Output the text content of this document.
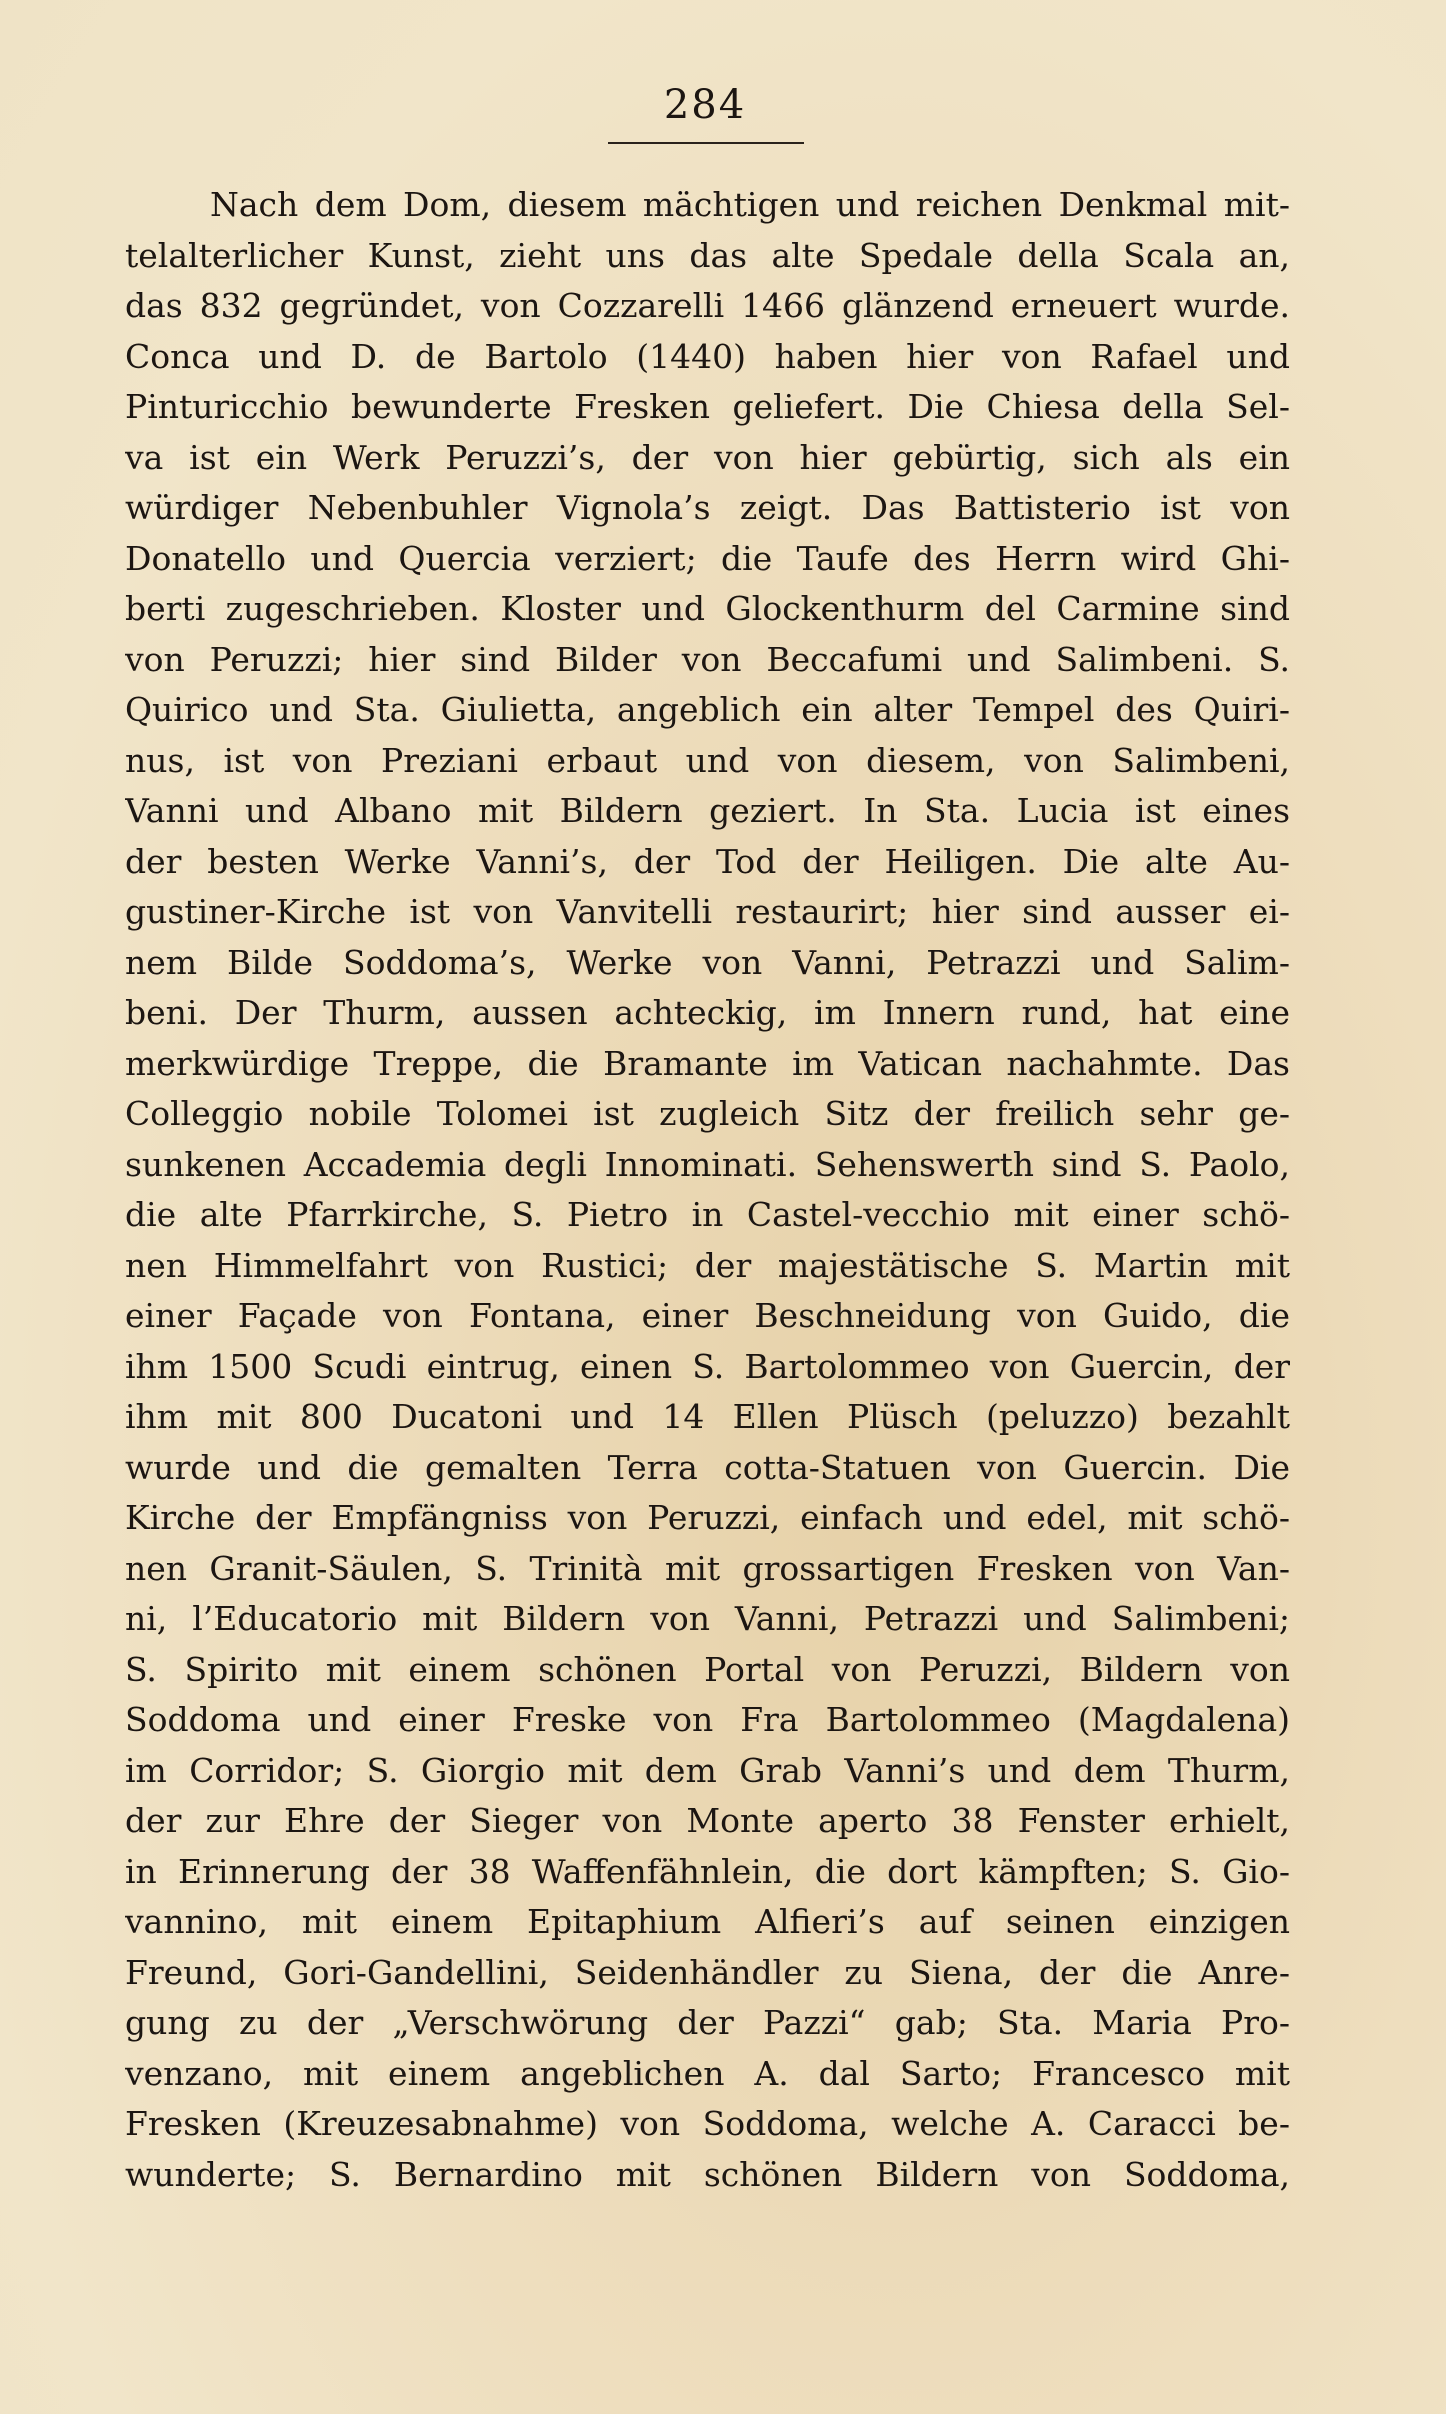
284
Nach dem Dom, diesem mächtigen und reichen Denkmal mit-
telalterlicher Kunst, zieht uns das alte Spedale della Scala an,
das 832 gegründet, von Cozzarelli 1466 glänzend erneuert wurde.
Conca und D. de Bartolo (1440) haben hier von Rafael und
Pinturicchio bewunderte Fresken geliefert. Die Chiesa della Sel-
va ist ein Werk Peruzzi’s, der von hier gebürtig, sich als ein
würdiger Nebenbuhler Vignola’s zeigt. Das Battisterio ist von
Donatello und Quercia verziert; die Taufe des Herrn wird Ghi-
berti zugeschrieben. Kloster und Glockenthurm del Carmine sind
von Peruzzi; hier sind Bilder von Beccafumi und Salimbeni. S.
Quirico und Sta. Giulietta, angeblich ein alter Tempel des Quiri-
nus, ist von Preziani erbaut und von diesem, von Salimbeni,
Vanni und Albano mit Bildern geziert. In Sta. Lucia ist eines
der besten Werke Vanni’s, der Tod der Heiligen. Die alte Au-
gustiner-Kirche ist von Vanvitelli restaurirt; hier sind ausser ei-
nem Bilde Soddoma’s, Werke von Vanni, Petrazzi und Salim-
beni. Der Thurm, aussen achteckig, im Innern rund, hat eine
merkwürdige Treppe, die Bramante im Vatican nachahmte. Das
Colleggio nobile Tolomei ist zugleich Sitz der freilich sehr ge-
sunkenen Accademia degli Innominati. Sehenswerth sind S. Paolo,
die alte Pfarrkirche, S. Pietro in Castel-vecchio mit einer schö-
nen Himmelfahrt von Rustici; der majestätische S. Martin mit
einer Façade von Fontana, einer Beschneidung von Guido, die
ihm 1500 Scudi eintrug, einen S. Bartolommeo von Guercin, der
ihm mit 800 Ducatoni und 14 Ellen Plüsch (peluzzo) bezahlt
wurde und die gemalten Terra cotta-Statuen von Guercin. Die
Kirche der Empfängniss von Peruzzi, einfach und edel, mit schö-
nen Granit-Säulen, S. Trinità mit grossartigen Fresken von Van-
ni, l’Educatorio mit Bildern von Vanni, Petrazzi und Salimbeni;
S. Spirito mit einem schönen Portal von Peruzzi, Bildern von
Soddoma und einer Freske von Fra Bartolommeo (Magdalena)
im Corridor; S. Giorgio mit dem Grab Vanni’s und dem Thurm,
der zur Ehre der Sieger von Monte aperto 38 Fenster erhielt,
in Erinnerung der 38 Waffenfähnlein, die dort kämpften; S. Gio-
vannino, mit einem Epitaphium Alfieri’s auf seinen einzigen
Freund, Gori-Gandellini, Seidenhändler zu Siena, der die Anre-
gung zu der „Verschwörung der Pazzi“ gab; Sta. Maria Pro-
venzano, mit einem angeblichen A. dal Sarto; Francesco mit
Fresken (Kreuzesabnahme) von Soddoma, welche A. Caracci be-
wunderte; S. Bernardino mit schönen Bildern von Soddoma,
